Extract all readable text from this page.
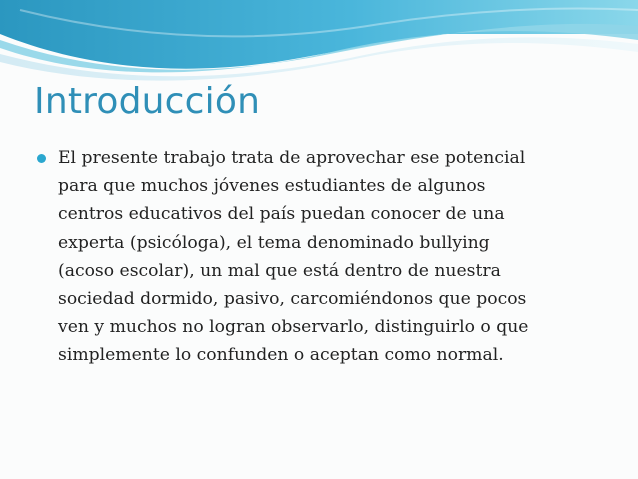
Introducción
El presente trabajo trata de aprovechar ese potencial
para que muchos jóvenes estudiantes de algunos
centros educativos del país puedan conocer de una
experta (psicóloga), el tema denominado bullying
(acoso escolar), un mal que está dentro de nuestra
sociedad dormido, pasivo, carcomiéndonos que pocos
ven y muchos no logran observarlo, distinguirlo o que
simplemente lo confunden o aceptan como normal.
